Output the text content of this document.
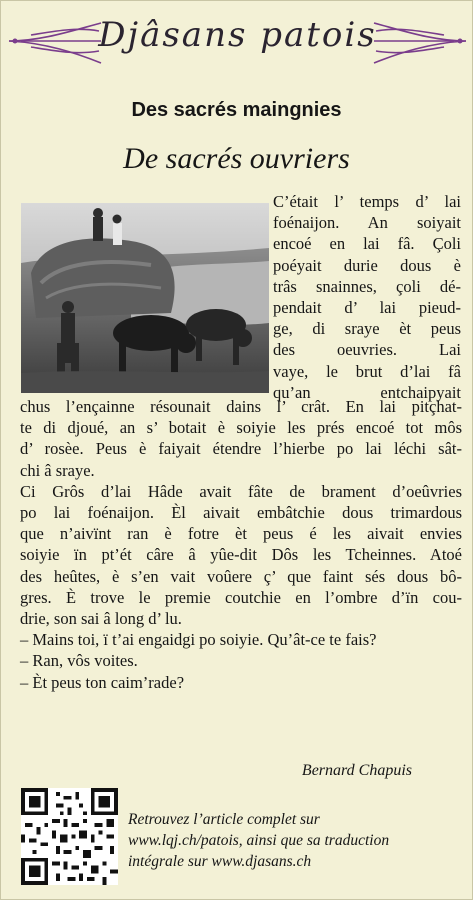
Djâsans patois
Des sacrés maingnies
De sacrés ouvriers
C’était l’ temps d’ lai
foénaijon. An soiyait
encoé en lai fâ. Çoli
poéyait durie dous è
trâs snainnes, çoli dé-
pendait d’ lai pieud-
ge, di sraye èt peus
des oeuvries. Lai
vaye, le brut d’lai fâ
qu’an entchaipyait
chus l’ençainne résounait dains l’ crât. En lai pitçhat-
te di djoué, an s’ botait è soiyie les prés encoé tot môs
d’ rosèe. Peus è faiyait étendre l’hierbe po lai léchi sât-
chi â sraye.
Ci Grôs d’lai Hâde avait fâte de brament d’oeûvries
po lai foénaijon. Èl aivait embâtchie dous trimardous
que n’aivïnt ran è fotre èt peus é les aivait envies
soiyie ïn pt’ét câre â yûe-dit Dôs les Tcheinnes. Atoé
des heûtes, è s’en vait voûere ç’ que faint sés dous bô-
gres. È trove le premie coutchie en l’ombre d’ïn cou-
drie, son sai â long d’ lu.
– Mains toi, ï t’ai engaidgi po soiyie. Qu’ât-ce te fais?
– Ran, vôs voites.
– Èt peus ton caim’rade?
Bernard Chapuis
Retrouvez l’article complet sur
www.lqj.ch/patois, ainsi que sa traduction
intégrale sur www.djasans.ch
